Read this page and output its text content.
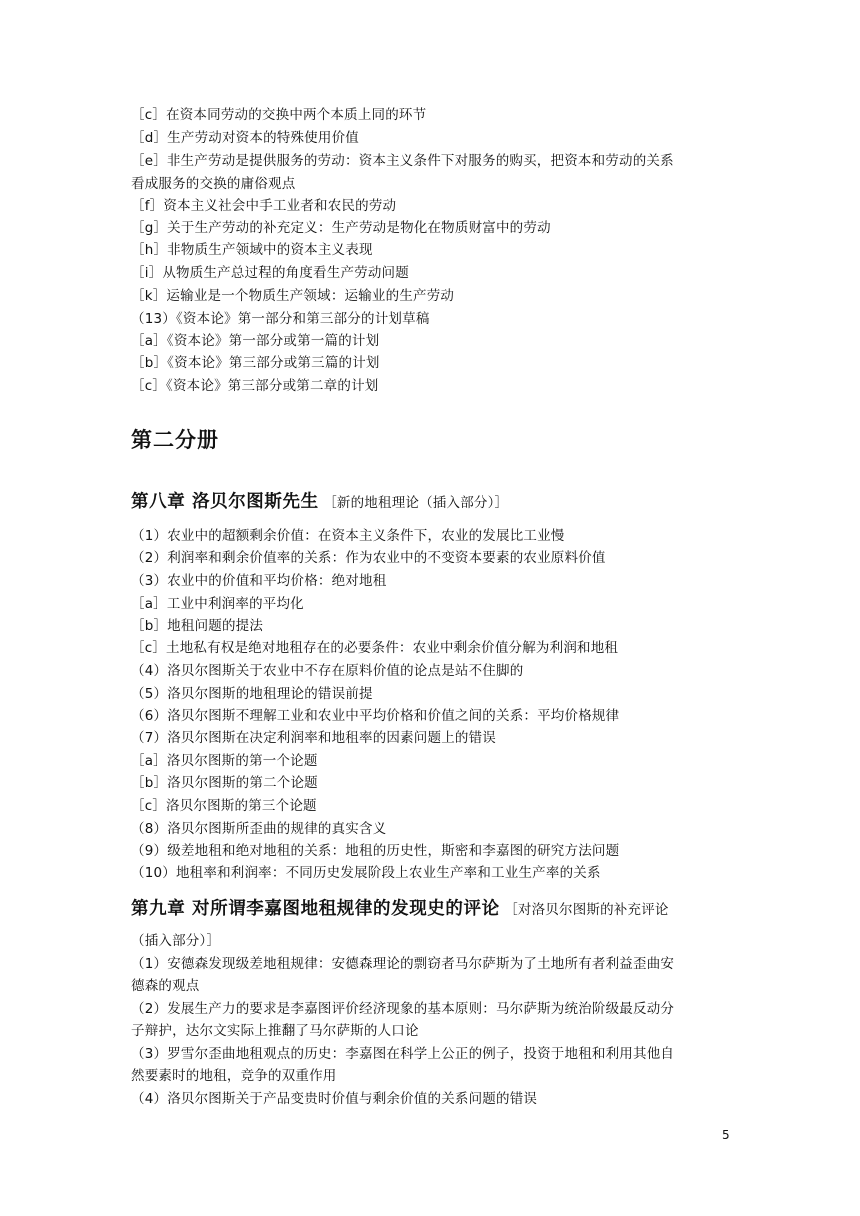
［c］在资本同劳动的交换中两个本质上同的环节
［d］生产劳动对资本的特殊使用价值
［e］非生产劳动是提供服务的劳动：资本主义条件下对服务的购买，把资本和劳动的关系
看成服务的交换的庸俗观点
［f］资本主义社会中手工业者和农民的劳动
［g］关于生产劳动的补充定义：生产劳动是物化在物质财富中的劳动
［h］非物质生产领域中的资本主义表现
［i］从物质生产总过程的角度看生产劳动问题
［k］运输业是一个物质生产领域：运输业的生产劳动
（13）《资本论》第一部分和第三部分的计划草稿
［a］《资本论》第一部分或第一篇的计划
［b］《资本论》第三部分或第三篇的计划
［c］《资本论》第三部分或第二章的计划
第二分册
第八章 洛贝尔图斯先生 ［新的地租理论（插入部分）］
（1）农业中的超额剩余价值：在资本主义条件下，农业的发展比工业慢
（2）利润率和剩余价值率的关系：作为农业中的不变资本要素的农业原料价值
（3）农业中的价值和平均价格：绝对地租
［a］工业中利润率的平均化
［b］地租问题的提法
［c］土地私有权是绝对地租存在的必要条件：农业中剩余价值分解为利润和地租
（4）洛贝尔图斯关于农业中不存在原料价值的论点是站不住脚的
（5）洛贝尔图斯的地租理论的错误前提
（6）洛贝尔图斯不理解工业和农业中平均价格和价值之间的关系：平均价格规律
（7）洛贝尔图斯在决定利润率和地租率的因素问题上的错误
［a］洛贝尔图斯的第一个论题
［b］洛贝尔图斯的第二个论题
［c］洛贝尔图斯的第三个论题
（8）洛贝尔图斯所歪曲的规律的真实含义
（9）级差地租和绝对地租的关系：地租的历史性，斯密和李嘉图的研究方法问题
（10）地租率和利润率：不同历史发展阶段上农业生产率和工业生产率的关系
第九章 对所谓李嘉图地租规律的发现史的评论 ［对洛贝尔图斯的补充评论
（插入部分）］
（1）安德森发现级差地租规律：安德森理论的剽窃者马尔萨斯为了土地所有者利益歪曲安
德森的观点
（2）发展生产力的要求是李嘉图评价经济现象的基本原则：马尔萨斯为统治阶级最反动分
子辩护，达尔文实际上推翻了马尔萨斯的人口论
（3）罗雪尔歪曲地租观点的历史：李嘉图在科学上公正的例子，投资于地租和利用其他自
然要素时的地租，竞争的双重作用
（4）洛贝尔图斯关于产品变贵时价值与剩余价值的关系问题的错误
5
